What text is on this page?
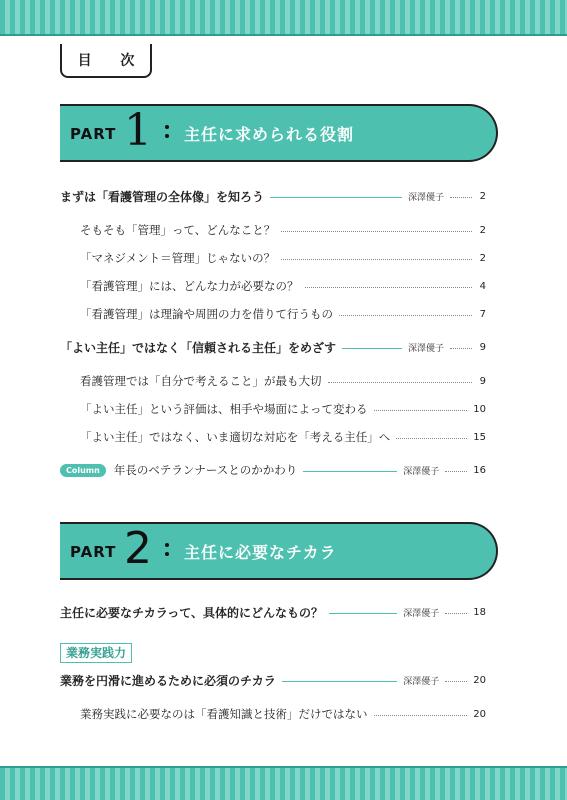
目 次
PART 1 主任に求められる役割
まずは「看護管理の全体像」を知ろう	深澤優子	2
そもそも「管理」って、どんなこと？	2
「マネジメント＝管理」じゃないの？	2
「看護管理」には、どんな力が必要なの？	4
「看護管理」は理論や周囲の力を借りて行うもの	7
「よい主任」ではなく「信頼される主任」をめざす	深澤優子	9
看護管理では「自分で考えること」が最も大切	9
「よい主任」という評価は、相手や場面によって変わる	10
「よい主任」ではなく、いま適切な対応を「考える主任」へ	15
Column	年長のベテランナースとのかかわり	深澤優子	16
PART 2 主任に必要なチカラ
主任に必要なチカラって、具体的にどんなもの？	深澤優子	18
業務実践力
業務を円滑に進めるために必須のチカラ	深澤優子	20
業務実践に必要なのは「看護知識と技術」だけではない	20
